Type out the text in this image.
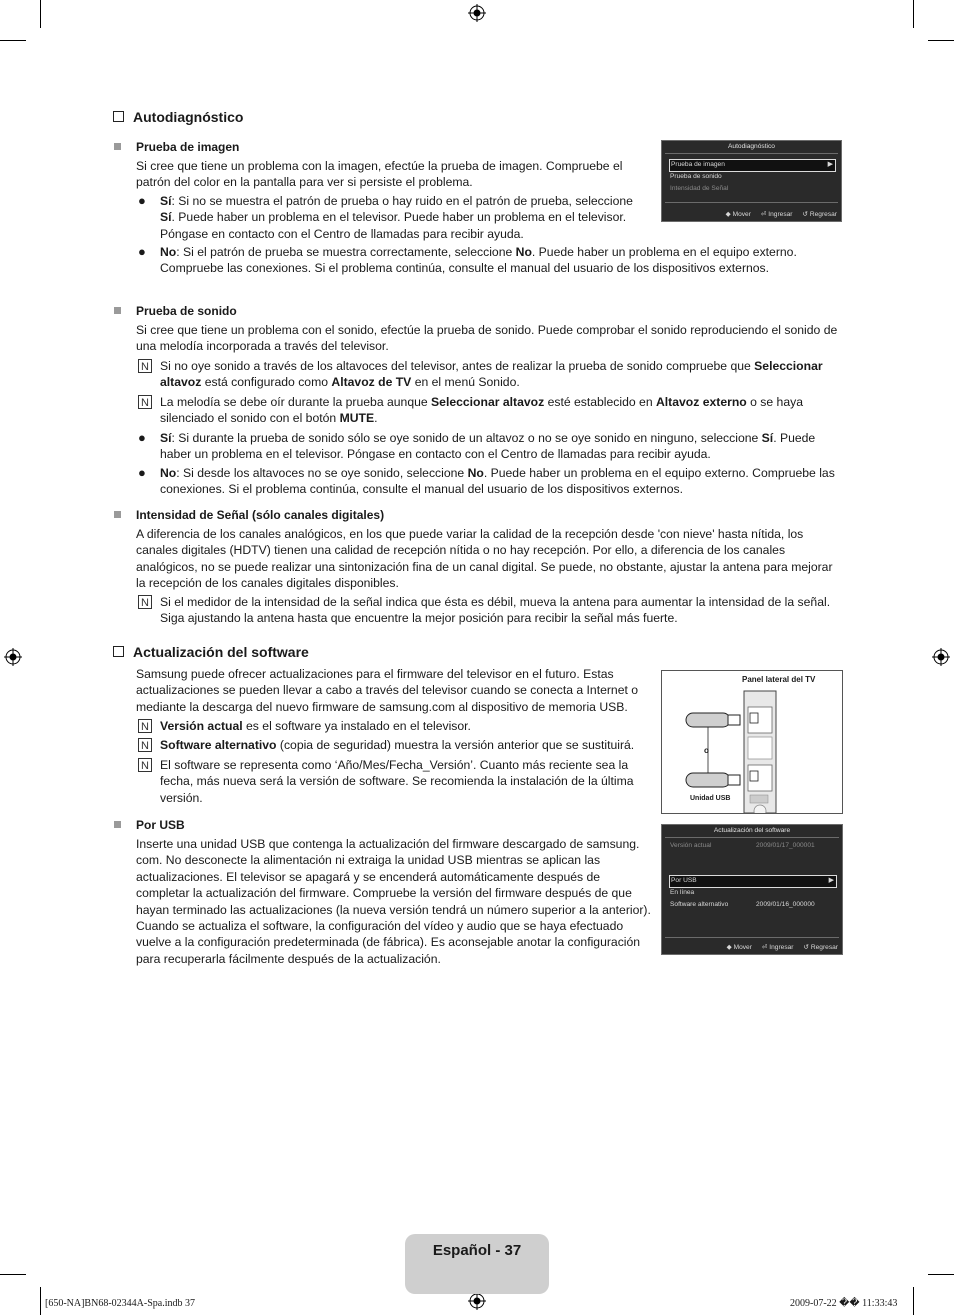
Autodiagnóstico
Prueba de imagen
Si cree que tiene un problema con la imagen, efectúe la prueba de imagen. Compruebe el patrón del color en la pantalla para ver si persiste el problema.
● Sí: Si no se muestra el patrón de prueba o hay ruido en el patrón de prueba, seleccione Sí. Puede haber un problema en el televisor. Puede haber un problema en el televisor. Póngase en contacto con el Centro de llamadas para recibir ayuda.
● No: Si el patrón de prueba se muestra correctamente, seleccione No. Puede haber un problema en el equipo externo. Compruebe las conexiones. Si el problema continúa, consulte el manual del usuario de los dispositivos externos.
Autodiagnóstico
Prueba de imagen	▶
Prueba de sonido
Intensidad de Señal
◆ Mover ⏎ Ingresar ↺ Regresar
Prueba de sonido
Si cree que tiene un problema con el sonido, efectúe la prueba de sonido. Puede comprobar el sonido reproduciendo el sonido de una melodía incorporada a través del televisor.
N Si no oye sonido a través de los altavoces del televisor, antes de realizar la prueba de sonido compruebe que Seleccionar altavoz está configurado como Altavoz de TV en el menú Sonido.
N La melodía se debe oír durante la prueba aunque Seleccionar altavoz esté establecido en Altavoz externo o se haya silenciado el sonido con el botón MUTE.
● Sí: Si durante la prueba de sonido sólo se oye sonido de un altavoz o no se oye sonido en ninguno, seleccione Sí. Puede haber un problema en el televisor. Póngase en contacto con el Centro de llamadas para recibir ayuda.
● No: Si desde los altavoces no se oye sonido, seleccione No. Puede haber un problema en el equipo externo. Compruebe las conexiones. Si el problema continúa, consulte el manual del usuario de los dispositivos externos.
Intensidad de Señal (sólo canales digitales)
A diferencia de los canales analógicos, en los que puede variar la calidad de la recepción desde 'con nieve' hasta nítida, los canales digitales (HDTV) tienen una calidad de recepción nítida o no hay recepción. Por ello, a diferencia de los canales analógicos, no se puede realizar una sintonización fina de un canal digital. Se puede, no obstante, ajustar la antena para mejorar la recepción de los canales digitales disponibles.
N Si el medidor de la intensidad de la señal indica que ésta es débil, mueva la antena para aumentar la intensidad de la señal. Siga ajustando la antena hasta que encuentre la mejor posición para recibir la señal más fuerte.
Actualización del software
Samsung puede ofrecer actualizaciones para el firmware del televisor en el futuro. Estas actualizaciones se pueden llevar a cabo a través del televisor cuando se conecta a Internet o mediante la descarga del nuevo firmware de samsung.com al dispositivo de memoria USB.
N Versión actual es el software ya instalado en el televisor.
N Software alternativo (copia de seguridad) muestra la versión anterior que se sustituirá.
N El software se representa como ‘Año/Mes/Fecha_Versión’. Cuanto más reciente sea la fecha, más nueva será la versión de software. Se recomienda la instalación de la última versión.
Panel lateral del TV
o
Unidad USB
Por USB
Inserte una unidad USB que contenga la actualización del firmware descargado de samsung. com. No desconecte la alimentación ni extraiga la unidad USB mientras se aplican las actualizaciones. El televisor se apagará y se encenderá automáticamente después de completar la actualización del firmware. Compruebe la versión del firmware después de que hayan terminado las actualizaciones (la nueva versión tendrá un número superior a la anterior). Cuando se actualiza el software, la configuración del vídeo y audio que se haya efectuado vuelve a la configuración predeterminada (de fábrica). Es aconsejable anotar la configuración para recuperarla fácilmente después de la actualización.
Actualización del software
Versión actual	2009/01/17_000001
Por USB	▶
En línea
Software alternativo	2009/01/16_000000
◆ Mover ⏎ Ingresar ↺ Regresar
Español - 37
[650-NA]BN68-02344A-Spa.indb 37	2009-07-22 �� 11:33:43
